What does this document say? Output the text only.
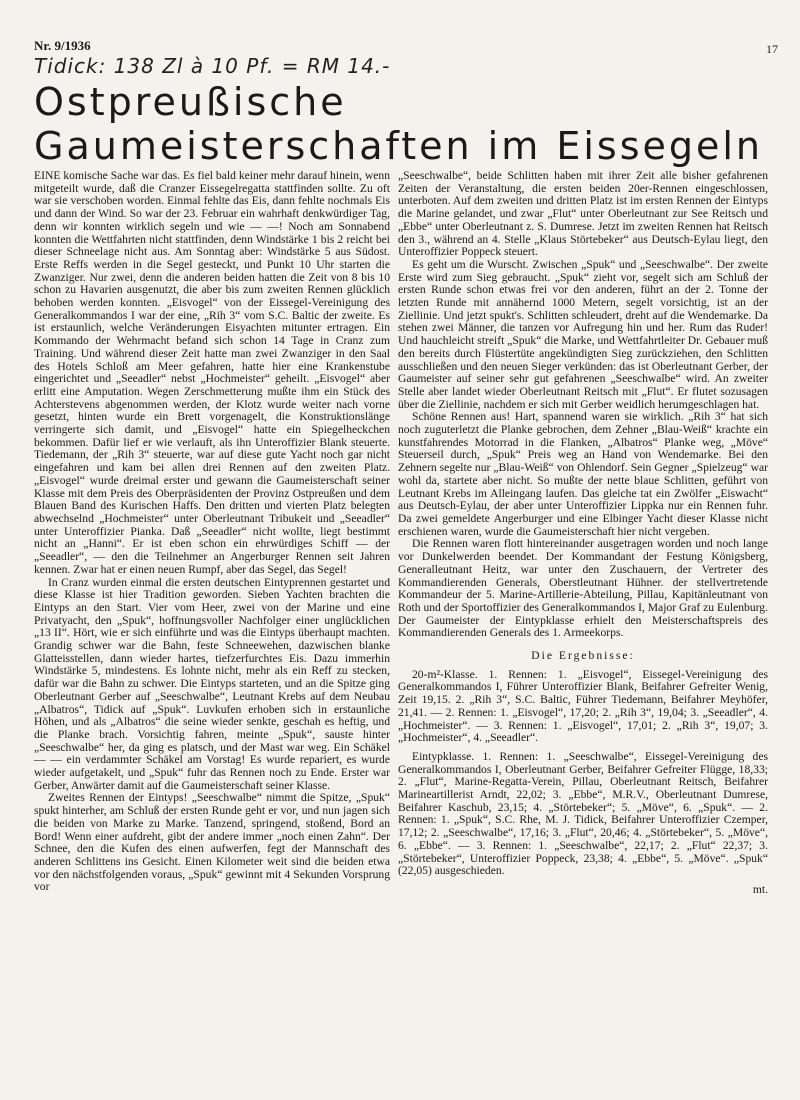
Nr. 9/1936	17
Tidick: 138 Zl à 10 Pf. = RM 14.-
Ostpreußische Gaumeisterschaften im Eissegeln

EINE komische Sache war das. Es fiel bald keiner mehr darauf hinein, wenn mitgeteilt wurde, daß die Cranzer Eissegelregatta stattfinden sollte. Zu oft war sie verschoben worden. Einmal fehlte das Eis, dann fehlte nochmals Eis und dann der Wind. So war der 23. Februar ein wahrhaft denkwürdiger Tag, denn wir konnten wirklich segeln und wie — —! Noch am Sonnabend konnten die Wettfahrten nicht stattfinden, denn Windstärke 1 bis 2 reicht bei dieser Schneelage nicht aus. Am Sonntag aber: Windstärke 5 aus Südost. Erste Reffs werden in die Segel gesteckt, und Punkt 10 Uhr starten die Zwanziger. Nur zwei, denn die anderen beiden hatten die Zeit von 8 bis 10 schon zu Havarien ausgenutzt, die aber bis zum zweiten Rennen glücklich behoben werden konnten. „Eisvogel“ von der Eissegel-Vereinigung des Generalkommandos I war der eine, „Rih 3“ vom S.C. Baltic der zweite. Es ist erstaunlich, welche Veränderungen Eisyachten mitunter ertragen. Ein Kommando der Wehrmacht befand sich schon 14 Tage in Cranz zum Training. Und während dieser Zeit hatte man zwei Zwanziger in den Saal des Hotels Schloß am Meer gefahren, hatte hier eine Krankenstube eingerichtet und „Seeadler“ nebst „Hochmeister“ geheilt. „Eisvogel“ aber erlitt eine Amputation. Wegen Zerschmetterung mußte ihm ein Stück des Achterstevens abgenommen werden, der Klotz wurde weiter nach vorne gesetzt, hinten wurde ein Brett vorgenagelt, die Konstruktionslänge verringerte sich damit, und „Eisvogel“ hatte ein Spiegelheckchen bekommen. Dafür lief er wie verlauft, als ihn Unteroffizier Blank steuerte. Tiedemann, der „Rih 3“ steuerte, war auf diese gute Yacht noch gar nicht eingefahren und kam bei allen drei Rennen auf den zweiten Platz. „Eisvogel“ wurde dreimal erster und gewann die Gaumeisterschaft seiner Klasse mit dem Preis des Oberpräsidenten der Provinz Ostpreußen und dem Blauen Band des Kurischen Haffs. Den dritten und vierten Platz belegten abwechselnd „Hochmeister“ unter Oberleutnant Tribukeit und „Seeadler“ unter Unteroffizier Pianka. Daß „Seeadler“ nicht wollte, liegt bestimmt nicht an „Hanni“. Er ist eben schon ein ehrwürdiges Schiff — der „Seeadler“, — den die Teilnehmer an Angerburger Rennen seit Jahren kennen. Zwar hat er einen neuen Rumpf, aber das Segel, das Segel!

In Cranz wurden einmal die ersten deutschen Eintyprennen gestartet und diese Klasse ist hier Tradition geworden. Sieben Yachten brachten die Eintyps an den Start. Vier vom Heer, zwei von der Marine und eine Privatyacht, den „Spuk“, hoffnungsvoller Nachfolger einer unglücklichen „13 II“. Hört, wie er sich einführte und was die Eintyps überhaupt machten. Grandig schwer war die Bahn, feste Schneewehen, dazwischen blanke Glatteisstellen, dann wieder hartes, tiefzerfurchtes Eis. Dazu immerhin Windstärke 5, mindestens. Es lohnte nicht, mehr als ein Reff zu stecken, dafür war die Bahn zu schwer. Die Eintyps starteten, und an die Spitze ging Oberleutnant Gerber auf „Seeschwalbe“, Leutnant Krebs auf dem Neubau „Albatros“, Tidick auf „Spuk“. Luvkufen erhoben sich in erstaunliche Höhen, und als „Albatros“ die seine wieder senkte, geschah es heftig, und die Planke brach. Vorsichtig fahren, meinte „Spuk“, sauste hinter „Seeschwalbe“ her, da ging es platsch, und der Mast war weg. Ein Schäkel — — ein verdammter Schäkel am Vorstag! Es wurde repariert, es wurde wieder aufgetakelt, und „Spuk“ fuhr das Rennen noch zu Ende. Erster war Gerber, Anwärter damit auf die Gaumeisterschaft seiner Klasse.

Zweites Rennen der Eintyps! „Seeschwalbe“ nimmt die Spitze, „Spuk“ spukt hinterher, am Schluß der ersten Runde geht er vor, und nun jagen sich die beiden von Marke zu Marke. Tanzend, springend, stoßend, Bord an Bord! Wenn einer aufdreht, gibt der andere immer „noch einen Zahn“. Der Schnee, den die Kufen des einen aufwerfen, fegt der Mannschaft des anderen Schlittens ins Gesicht. Einen Kilometer weit sind die beiden etwa vor den nächstfolgenden voraus, „Spuk“ gewinnt mit 4 Sekunden Vorsprung vor

„Seeschwalbe“, beide Schlitten haben mit ihrer Zeit alle bisher gefahrenen Zeiten der Veranstaltung, die ersten beiden 20er-Rennen eingeschlossen, unterboten. Auf dem zweiten und dritten Platz ist im ersten Rennen der Eintyps die Marine gelandet, und zwar „Flut“ unter Oberleutnant zur See Reitsch und „Ebbe“ unter Oberleutnant z. S. Dumrese. Jetzt im zweiten Rennen hat Reitsch den 3., während an 4. Stelle „Klaus Störtebeker“ aus Deutsch-Eylau liegt, den Unteroffizier Poppeck steuert.

Es geht um die Wurscht. Zwischen „Spuk“ und „Seeschwalbe“. Der zweite Erste wird zum Sieg gebraucht. „Spuk“ zieht vor, segelt sich am Schluß der ersten Runde schon etwas frei vor den anderen, führt an der 2. Tonne der letzten Runde mit annähernd 1000 Metern, segelt vorsichtig, ist an der Ziellinie. Und jetzt spukt's. Schlitten schleudert, dreht auf die Wendemarke. Da stehen zwei Männer, die tanzen vor Aufregung hin und her. Rum das Ruder! Und hauchleicht streift „Spuk“ die Marke, und Wettfahrtleiter Dr. Gebauer muß den bereits durch Flüstertüte angekündigten Sieg zurückziehen, den Schlitten ausschließen und den neuen Sieger verkünden: das ist Oberleutnant Gerber, der Gaumeister auf seiner sehr gut gefahrenen „Seeschwalbe“ wird. An zweiter Stelle aber landet wieder Oberleutnant Reitsch mit „Flut“. Er flutet sozusagen über die Ziellinie, nachdem er sich mit Gerber weidlich herumgeschlagen hat.

Schöne Rennen aus! Hart, spannend waren sie wirklich. „Rih 3“ hat sich noch zuguterletzt die Planke gebrochen, dem Zehner „Blau-Weiß“ krachte ein kunstfahrendes Motorrad in die Flanken, „Albatros“ Planke weg, „Möve“ Steuerseil durch, „Spuk“ Preis weg an Hand von Wendemarke. Bei den Zehnern segelte nur „Blau-Weiß“ von Ohlendorf. Sein Gegner „Spielzeug“ war wohl da, startete aber nicht. So mußte der nette blaue Schlitten, geführt von Leutnant Krebs im Alleingang laufen. Das gleiche tat ein Zwölfer „Eiswacht“ aus Deutsch-Eylau, der aber unter Unteroffizier Lippka nur ein Rennen fuhr. Da zwei gemeldete Angerburger und eine Elbinger Yacht dieser Klasse nicht erschienen waren, wurde die Gaumeisterschaft hier nicht vergeben.

Die Rennen waren flott hintereinander ausgetragen worden und noch lange vor Dunkelwerden beendet. Der Kommandant der Festung Königsberg, Generalleutnant Heitz, war unter den Zuschauern, der Vertreter des Kommandierenden Generals, Oberstleutnant Hühner. der stellvertretende Kommandeur der 5. Marine-Artillerie-Abteilung, Pillau, Kapitänleutnant von Roth und der Sportoffizier des Generalkommandos I, Major Graf zu Eulenburg. Der Gaumeister der Eintypklasse erhielt den Meisterschaftspreis des Kommandierenden Generals des 1. Armeekorps.

Die Ergebnisse:

20-m²-Klasse. 1. Rennen: 1. „Eisvogel“, Eissegel-Vereinigung des Generalkommandos I, Führer Unteroffizier Blank, Beifahrer Gefreiter Wenig, Zeit 19,15. 2. „Rih 3“, S.C. Baltic, Führer Tiedemann, Beifahrer Meyhöfer, 21,41. — 2. Rennen: 1. „Eisvogel“, 17,20; 2. „Rih 3“, 19,04; 3. „Seeadler“, 4. „Hochmeister“. — 3. Rennen: 1. „Eisvogel“, 17,01; 2. „Rih 3“, 19,07; 3. „Hochmeister“, 4. „Seeadler“.

Eintypklasse. 1. Rennen: 1. „Seeschwalbe“, Eissegel-Vereinigung des Generalkommandos I, Oberleutnant Gerber, Beifahrer Gefreiter Flügge, 18,33; 2. „Flut“, Marine-Regatta-Verein, Pillau, Oberleutnant Reitsch, Beifahrer Marineartillerist Arndt, 22,02; 3. „Ebbe“, M.R.V., Oberleutnant Dumrese, Beifahrer Kaschub, 23,15; 4. „Störtebeker“; 5. „Möve“, 6. „Spuk“. — 2. Rennen: 1. „Spuk“, S.C. Rhe, M. J. Tidick, Beifahrer Unteroffizier Czemper, 17,12; 2. „Seeschwalbe“, 17,16; 3. „Flut“, 20,46; 4. „Störtebeker“, 5. „Möve“, 6. „Ebbe“. — 3. Rennen: 1. „Seeschwalbe“, 22,17; 2. „Flut“ 22,37; 3. „Störtebeker“, Unteroffizier Poppeck, 23,38; 4. „Ebbe“, 5. „Möve“. „Spuk“ (22,05) ausgeschieden.

mt.
